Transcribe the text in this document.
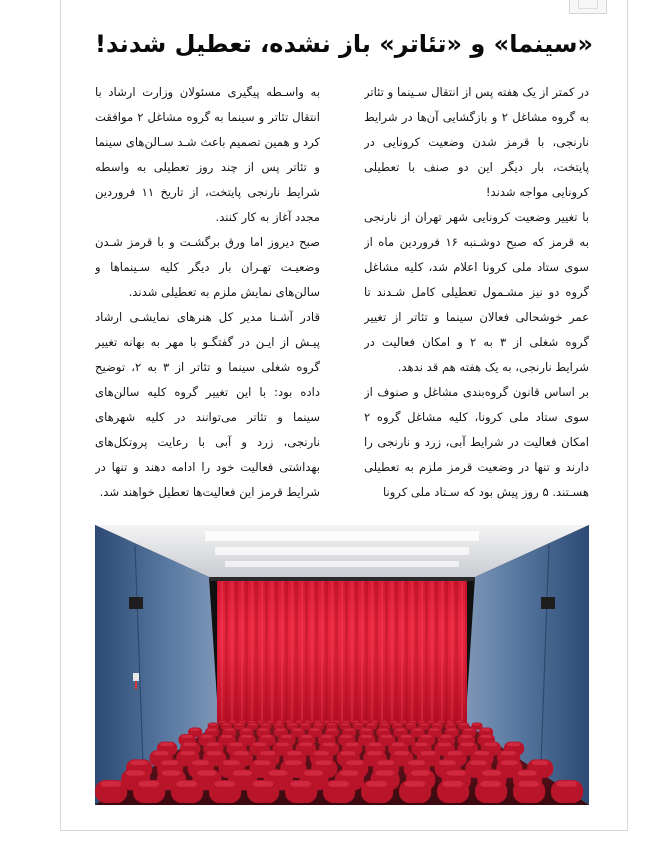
«سینما» و «تئاتر» باز نشده، تعطیل شدند!

در کمتر از یک هفته پس از انتقال سـینما و تئاتر به گروه مشاغل ۲ و بازگشایی آن‌ها در شرایط نارنجی، با قرمز شدن وضعیت کرونایی در پایتخت، بار دیگر این دو صنف با تعطیلی کرونایی مواجه شدند!

با تغییر وضعیت کرونایی شهر تهران از نارنجی به قرمز که صبح دوشـنبه ۱۶ فروردین ماه از سوی ستاد ملی کرونا اعلام شد، کلیه مشاغل گروه دو نیز مشـمول تعطیلی کامل شـدند تا عمر خوشحالی فعالان سینما و تئاتر از تغییر گروه شغلی از ۳ به ۲ و امکان فعالیت در شرایط نارنجی، به یک هفته هم قد ندهد.

بر اساس قانون گروه‌بندی مشاغل و صنوف از سوی ستاد ملی کرونا، کلیه مشاغل گروه ۲ امکان فعالیت در شرایط آبی، زرد و نارنجی را دارند و تنها در وضعیت قرمز ملزم به تعطیلی هسـتند. ۵ روز پیش بود که سـتاد ملی کرونا

به واسـطه پیگیری مسئولان وزارت ارشاد با انتقال تئاتر و سینما به گروه مشاغل ۲ موافقت کرد و همین تصمیم باعث شـد سـالن‌های سینما و تئاتر پس از چند روز تعطیلی به واسطه شرایط نارنجی پایتخت، از تاریخ ۱۱ فروردین مجدد آغاز به کار کنند.

صبح دیروز اما ورق برگشـت و با قرمز شـدن وضعیـت تهـران بار دیگر کلیه سـینماها و سالن‌های نمایش ملزم به تعطیلی شدند.

قادر آشـنا مدیر کل هنرهای نمایشـی ارشاد پیـش از ایـن در گفتگـو با مهر به بهانه تغییر گروه شغلی سینما و تئاتر از ۳ به ۲، توضیح داده بود: با این تغییر گروه کلیه سالن‌های سینما و تئاتر می‌توانند در کلیه شهرهای نارنجی، زرد و آبی با رعایت پروتکل‌های بهداشتی فعالیت خود را ادامه دهند و تنها در شرایط قرمز این فعالیت‌ها تعطیل خواهند شد.
